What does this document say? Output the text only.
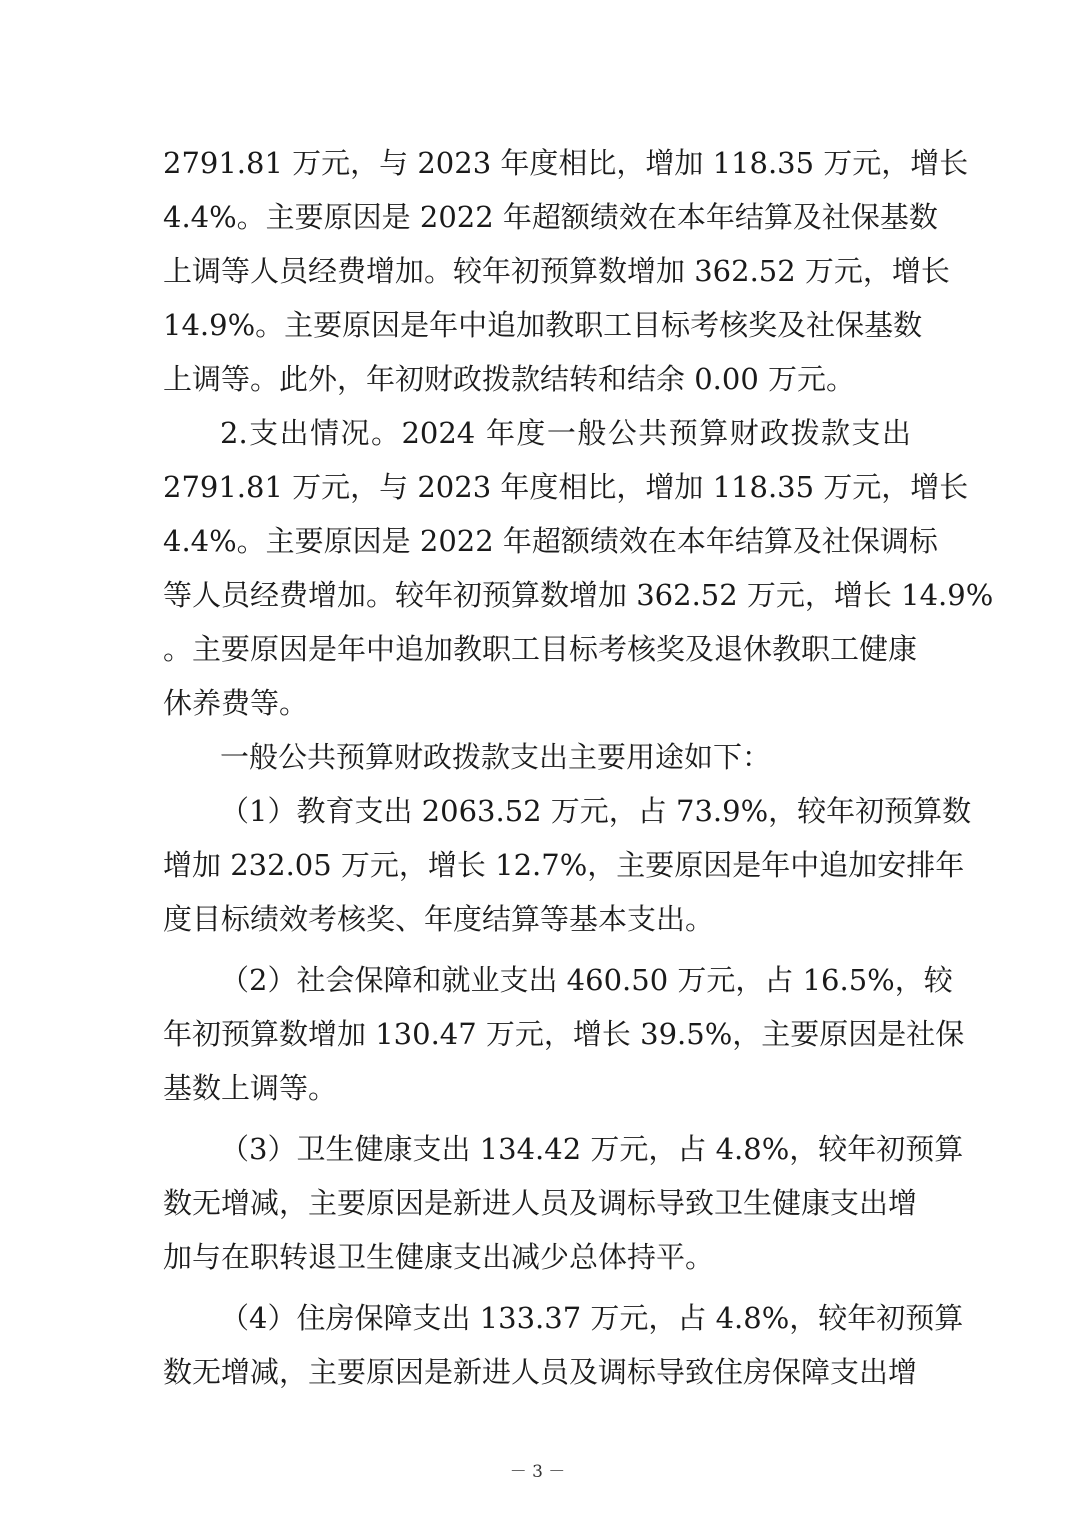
2791.81 万元，与 2023 年度相比，增加 118.35 万元，增长
4.4%。主要原因是 2022 年超额绩效在本年结算及社保基数
上调等人员经费增加。较年初预算数增加 362.52 万元，增长
14.9%。主要原因是年中追加教职工目标考核奖及社保基数
上调等。此外，年初财政拨款结转和结余 0.00 万元。
2.支出情况。2024 年度一般公共预算财政拨款支出
2791.81 万元，与 2023 年度相比，增加 118.35 万元，增长
4.4%。主要原因是 2022 年超额绩效在本年结算及社保调标
等人员经费增加。较年初预算数增加 362.52 万元，增长 14.9%
。主要原因是年中追加教职工目标考核奖及退休教职工健康
休养费等。
一般公共预算财政拨款支出主要用途如下：
（1）教育支出 2063.52 万元，占 73.9%，较年初预算数
增加 232.05 万元，增长 12.7%，主要原因是年中追加安排年
度目标绩效考核奖、年度结算等基本支出。
（2）社会保障和就业支出 460.50 万元，占 16.5%，较
年初预算数增加 130.47 万元，增长 39.5%，主要原因是社保
基数上调等。
（3）卫生健康支出 134.42 万元，占 4.8%，较年初预算
数无增减，主要原因是新进人员及调标导致卫生健康支出增
加与在职转退卫生健康支出减少总体持平。
（4）住房保障支出 133.37 万元，占 4.8%，较年初预算
数无增减，主要原因是新进人员及调标导致住房保障支出增
－ 3 －
